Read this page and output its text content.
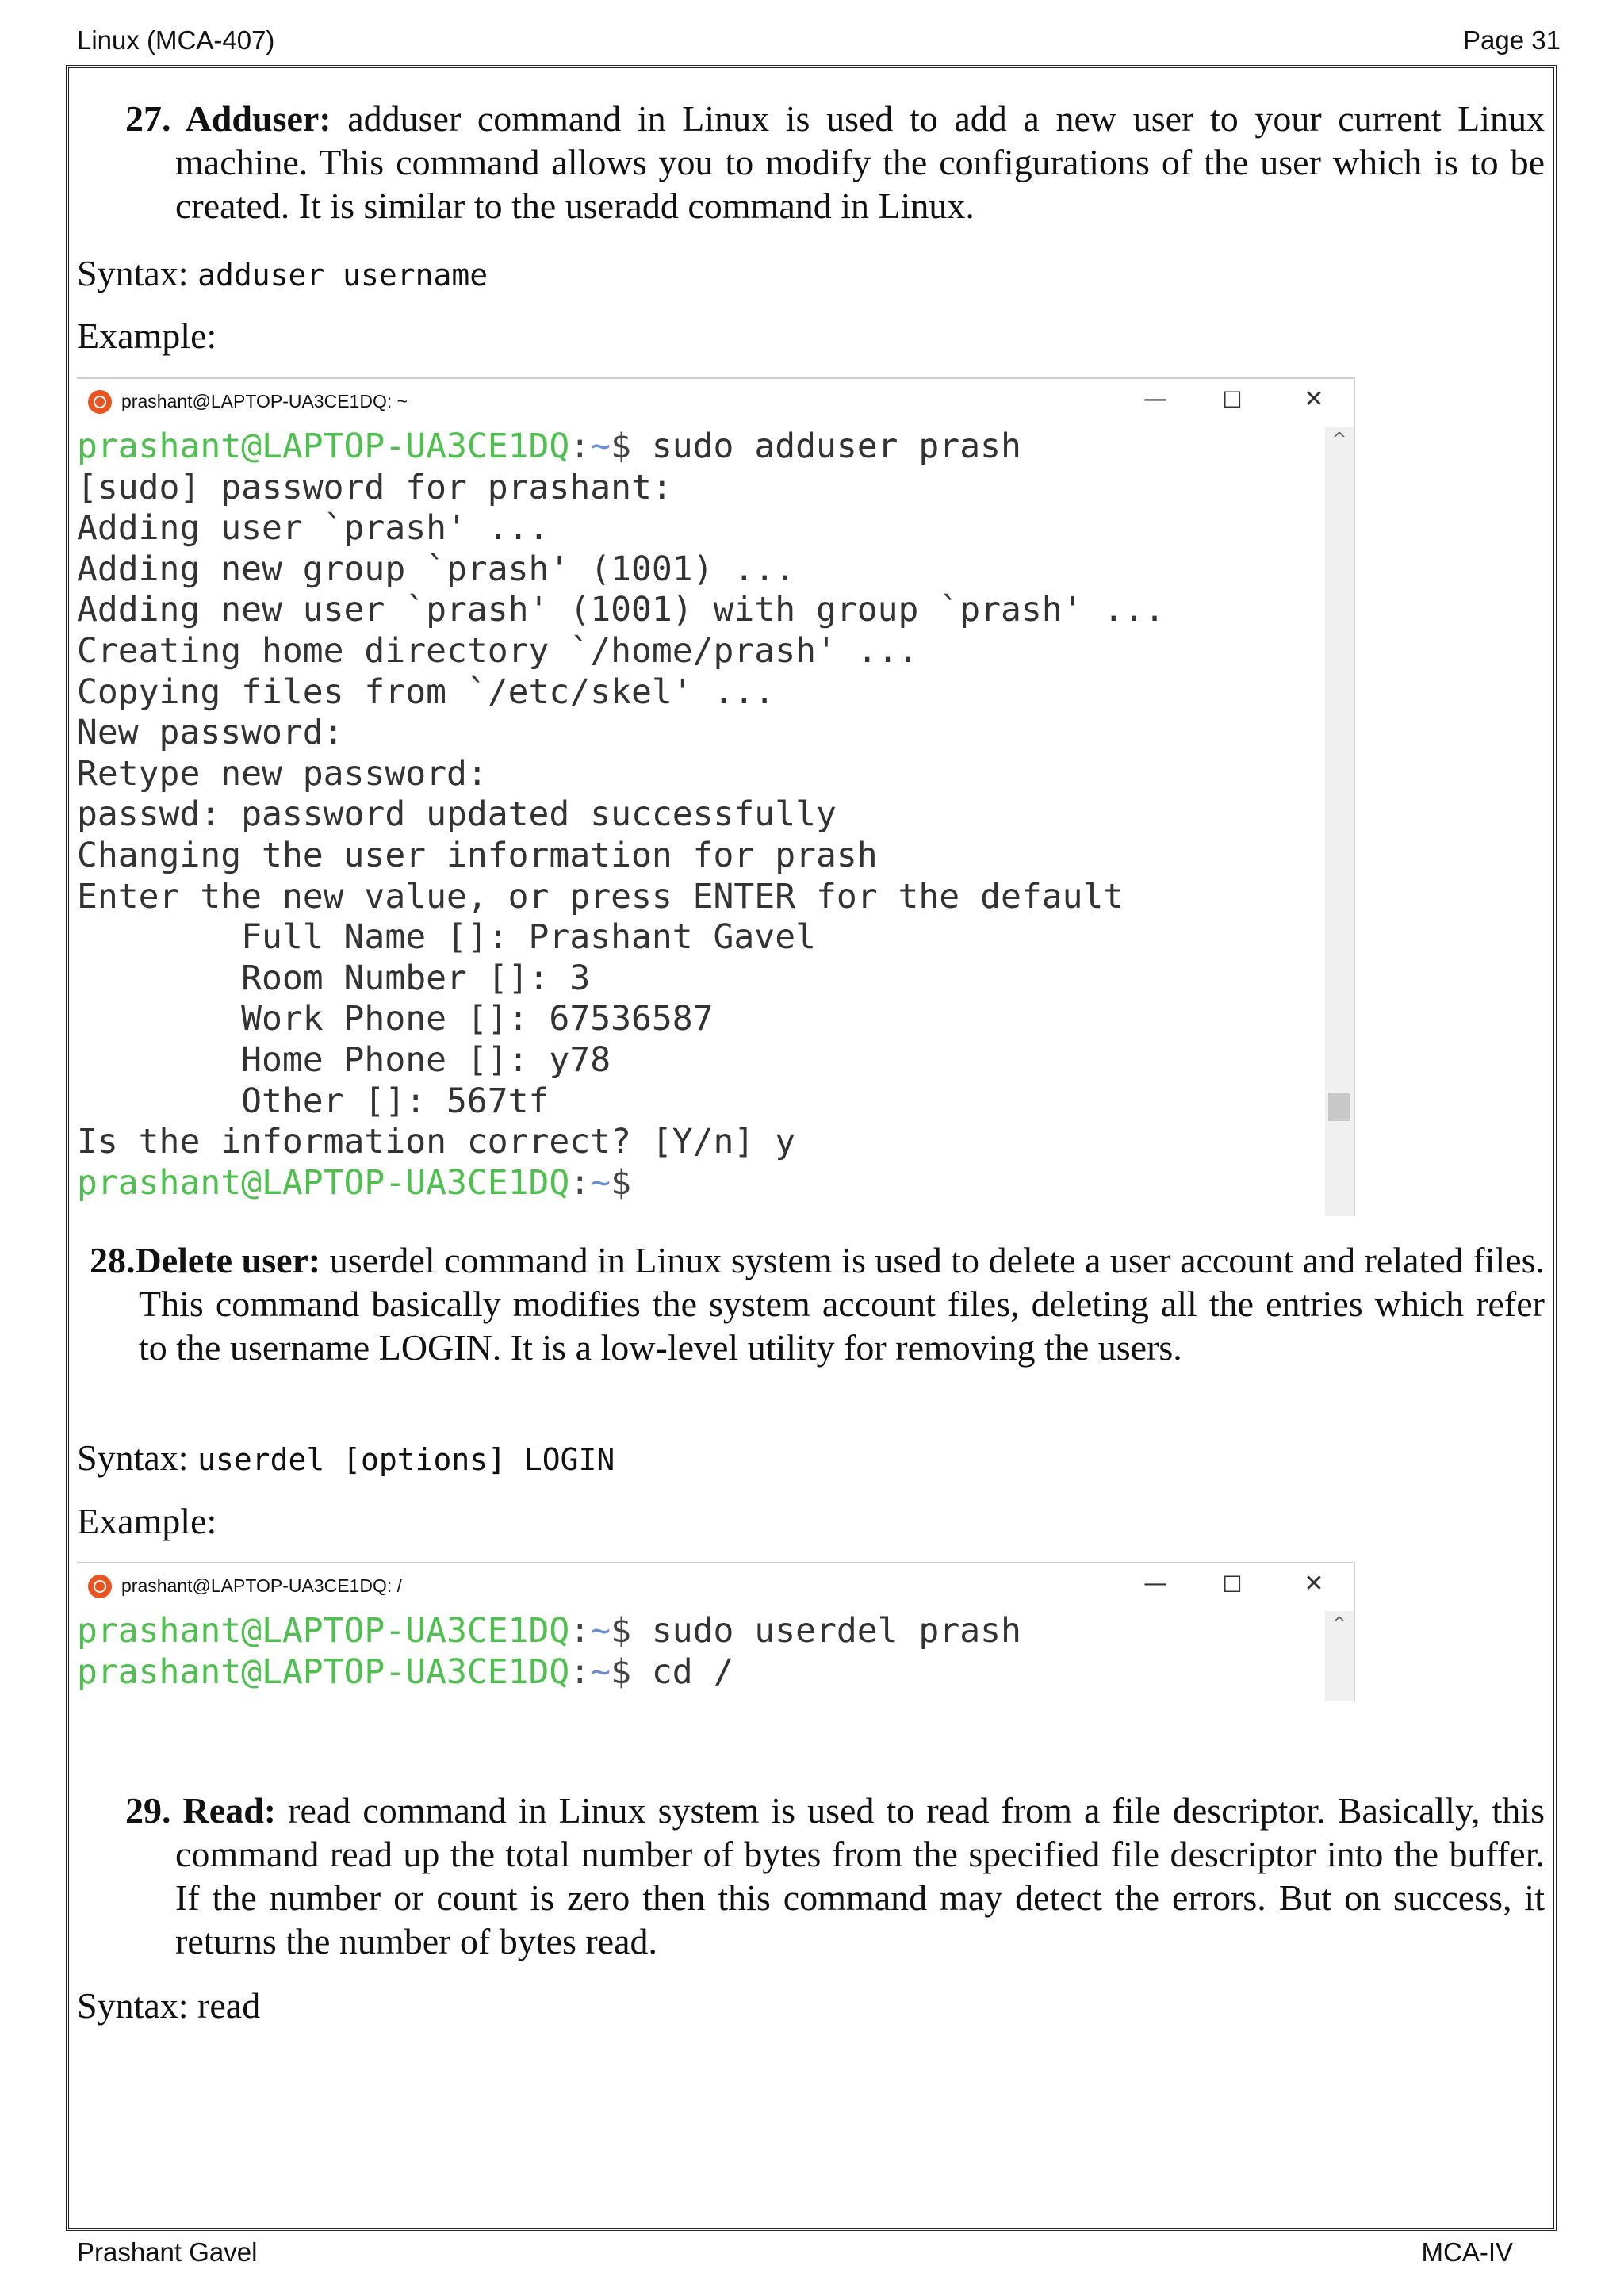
Linux (MCA-407)	Page 31
27. Adduser: adduser command in Linux is used to add a new user to your current Linux machine. This command allows you to modify the configurations of the user which is to be created. It is similar to the useradd command in Linux.
Syntax: adduser username
Example:
prashant@LAPTOP-UA3CE1DQ: ~	— ☐	✕
prashant@LAPTOP-UA3CE1DQ:~$ sudo adduser prash
[sudo] password for prashant:
Adding user `prash' ...
Adding new group `prash' (1001) ...
Adding new user `prash' (1001) with group `prash' ...
Creating home directory `/home/prash' ...
Copying files from `/etc/skel' ...
New password:
Retype new password:
passwd: password updated successfully
Changing the user information for prash
Enter the new value, or press ENTER for the default
Full Name []: Prashant Gavel
Room Number []: 3
Work Phone []: 67536587
Home Phone []: y78
Other []: 567tf
Is the information correct? [Y/n] y
prashant@LAPTOP-UA3CE1DQ:~$
^
28.Delete user: userdel command in Linux system is used to delete a user account and related files. This command basically modifies the system account files, deleting all the entries which refer to the username LOGIN. It is a low-level utility for removing the users.
Syntax: userdel [options] LOGIN
Example:
prashant@LAPTOP-UA3CE1DQ: /	— ☐	✕
prashant@LAPTOP-UA3CE1DQ:~$ sudo userdel prash
prashant@LAPTOP-UA3CE1DQ:~$ cd /
^
29. Read: read command in Linux system is used to read from a file descriptor. Basically, this command read up the total number of bytes from the specified file descriptor into the buffer. If the number or count is zero then this command may detect the errors. But on success, it returns the number of bytes read.
Syntax: read
Prashant Gavel	MCA-IV
